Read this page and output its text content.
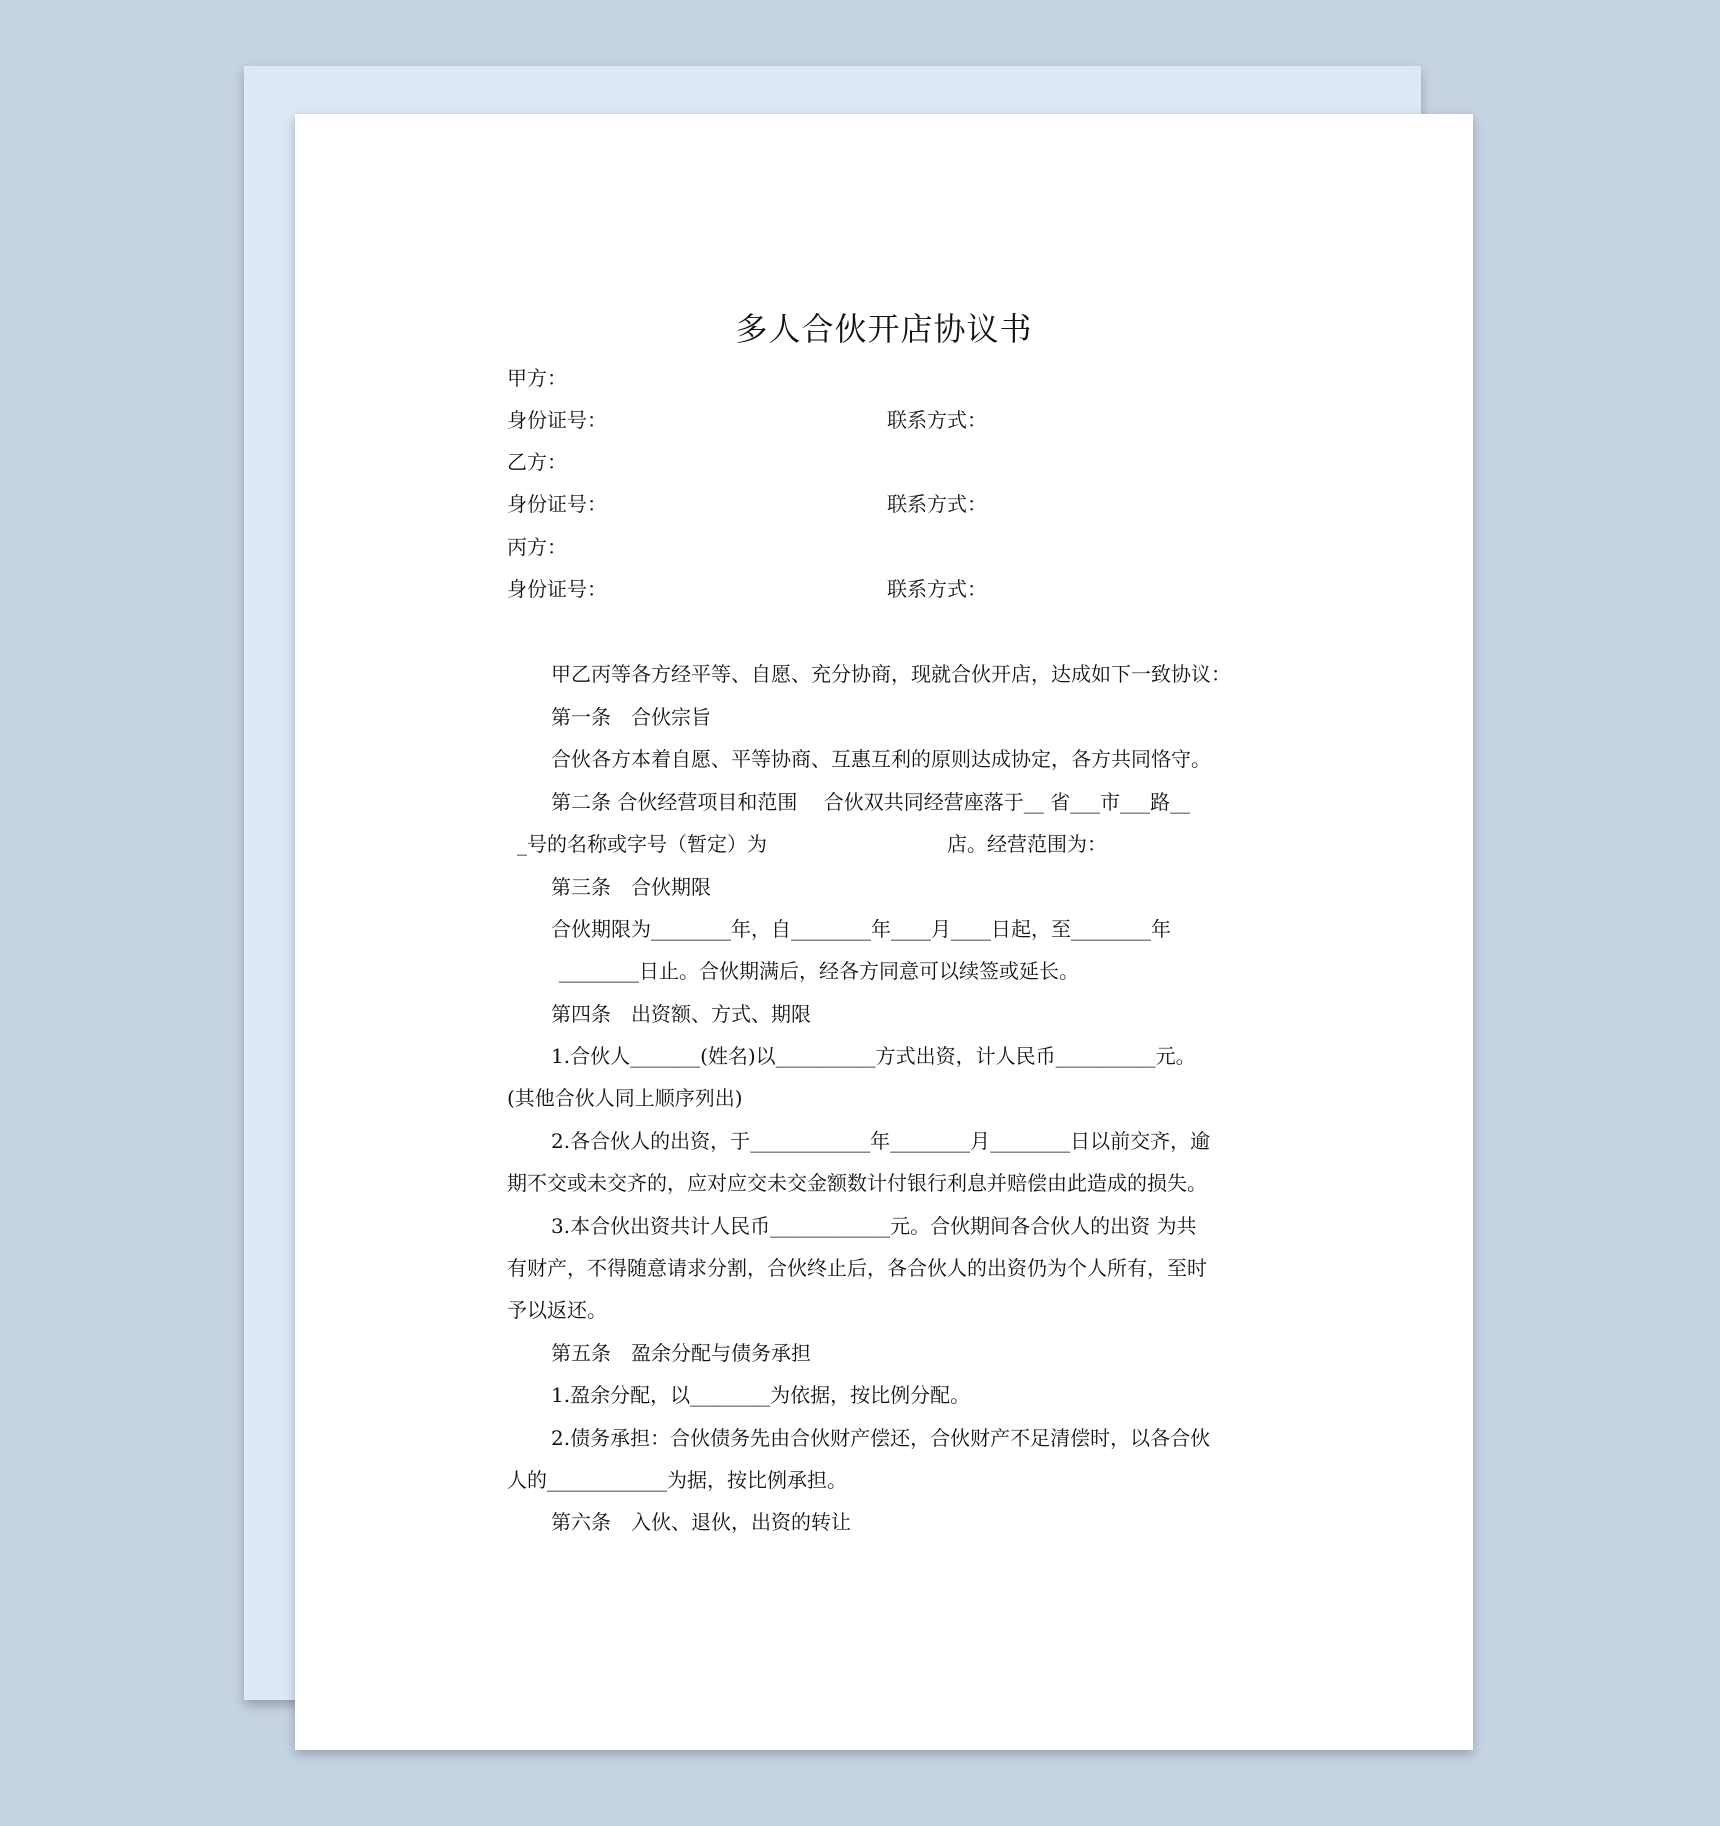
多人合伙开店协议书
甲方：
身份证号：	联系方式：
乙方：
身份证号：	联系方式：
丙方：
身份证号：	联系方式：
甲乙丙等各方经平等、自愿、充分协商，现就合伙开店，达成如下一致协议：
第一条　合伙宗旨
合伙各方本着自愿、平等协商、互惠互利的原则达成协定，各方共同恪守。
第二条 合伙经营项目和范围　 合伙双共同经营座落于__ 省___市___路__
_号的名称或字号（暂定）为　　　　　　　　　店。经营范围为：
第三条　合伙期限
合伙期限为________年，自________年____月____日起，至________年
________日止。合伙期满后，经各方同意可以续签或延长。
第四条　出资额、方式、期限
1.合伙人_______(姓名)以__________方式出资，计人民币__________元。
(其他合伙人同上顺序列出)
2.各合伙人的出资，于____________年________月________日以前交齐，逾
期不交或未交齐的，应对应交未交金额数计付银行利息并赔偿由此造成的损失。
3.本合伙出资共计人民币____________元。合伙期间各合伙人的出资 为共
有财产，不得随意请求分割，合伙终止后，各合伙人的出资仍为个人所有，至时
予以返还。
第五条　盈余分配与债务承担
1.盈余分配，以________为依据，按比例分配。
2.债务承担：合伙债务先由合伙财产偿还，合伙财产不足清偿时，以各合伙
人的____________为据，按比例承担。
第六条　入伙、退伙，出资的转让
